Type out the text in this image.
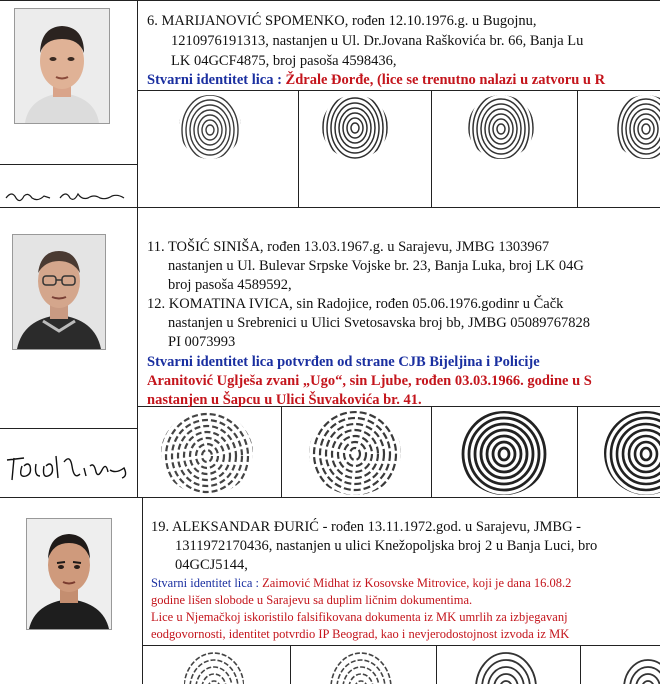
6. MARIJANOVIĆ SPOMENKO, rođen 12.10.1976.g. u Bugojnu,
1210976191313, nastanjen u Ul. Dr.Jovana Raškovića br. 66, Banja Lu
LK 04GCF4875, broj pasoša 4598436,
Stvarni identitet lica : Ždrale Đorđe, (lice se trenutno nalazi u zatvoru u R
11. TOŠIĆ SINIŠA, rođen 13.03.1967.g. u Sarajevu, JMBG 1303967
nastanjen u Ul. Bulevar Srpske Vojske br. 23, Banja Luka, broj LK 04G
broj pasoša 4589592,
12. KOMATINA IVICA, sin Radojice, rođen 05.06.1976.godinr u Čačk
nastanjen u Srebrenici u Ulici Svetosavska broj bb, JMBG 05089767828
PI 0073993
Stvarni identitet lica potvrđen od strane CJB Bijeljina i Policije
Aranitović Uglješa zvani „Ugo“, sin Ljube, rođen 03.03.1966. godine u S
nastanjen u Šapcu u Ulici Šuvakovića br. 41.
19. ALEKSANDAR ĐURIĆ - rođen 13.11.1972.god. u Sarajevu, JMBG -
1311972170436, nastanjen u ulici Knežopoljska broj 2 u Banja Luci, bro
04GCJ5144,
Stvarni identitet lica : Zaimović Midhat iz Kosovske Mitrovice, koji je dana 16.08.2
godine lišen slobode u Sarajevu sa duplim ličnim dokumentima.
Lice u Njemačkoj iskoristilo falsifikovana dokumenta iz MK umrlih za izbjegavanj
eodgovornosti, identitet potvrdio IP Beograd, kao i nevjerodostojnost izvoda iz MK
